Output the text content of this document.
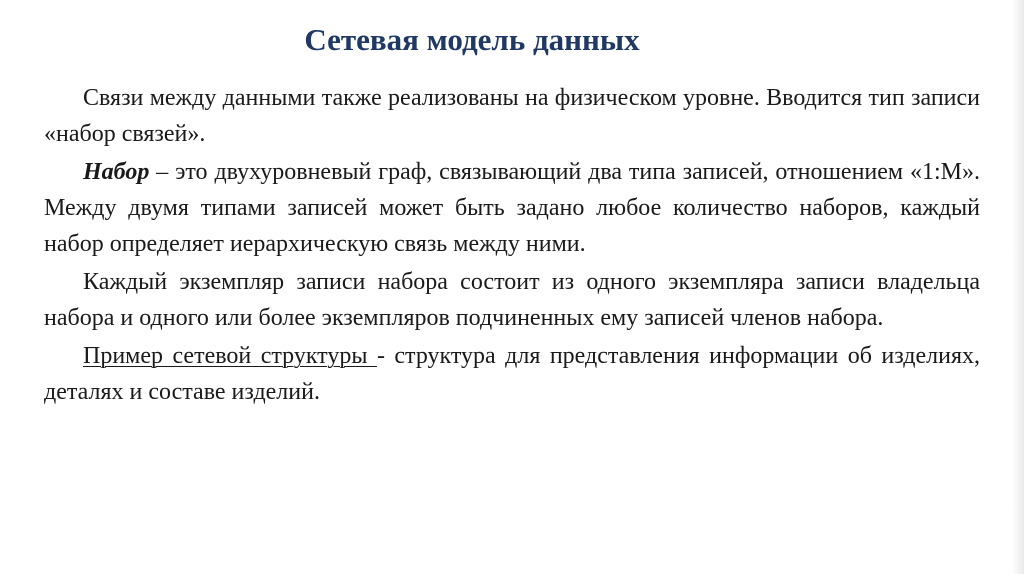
Сетевая модель данных

Связи между данными также реализованы на физическом уровне. Вводится тип записи «набор связей».

Набор – это двухуровневый граф, связывающий два типа записей, отношением «1:М». Между двумя типами записей может быть задано любое количество наборов, каждый набор определяет иерархическую связь между ними.

Каждый экземпляр записи набора состоит из одного экземпляра записи владельца набора и одного или более экземпляров подчиненных ему записей членов набора.

Пример сетевой структуры - структура для представления информации об изделиях, деталях и составе изделий.
